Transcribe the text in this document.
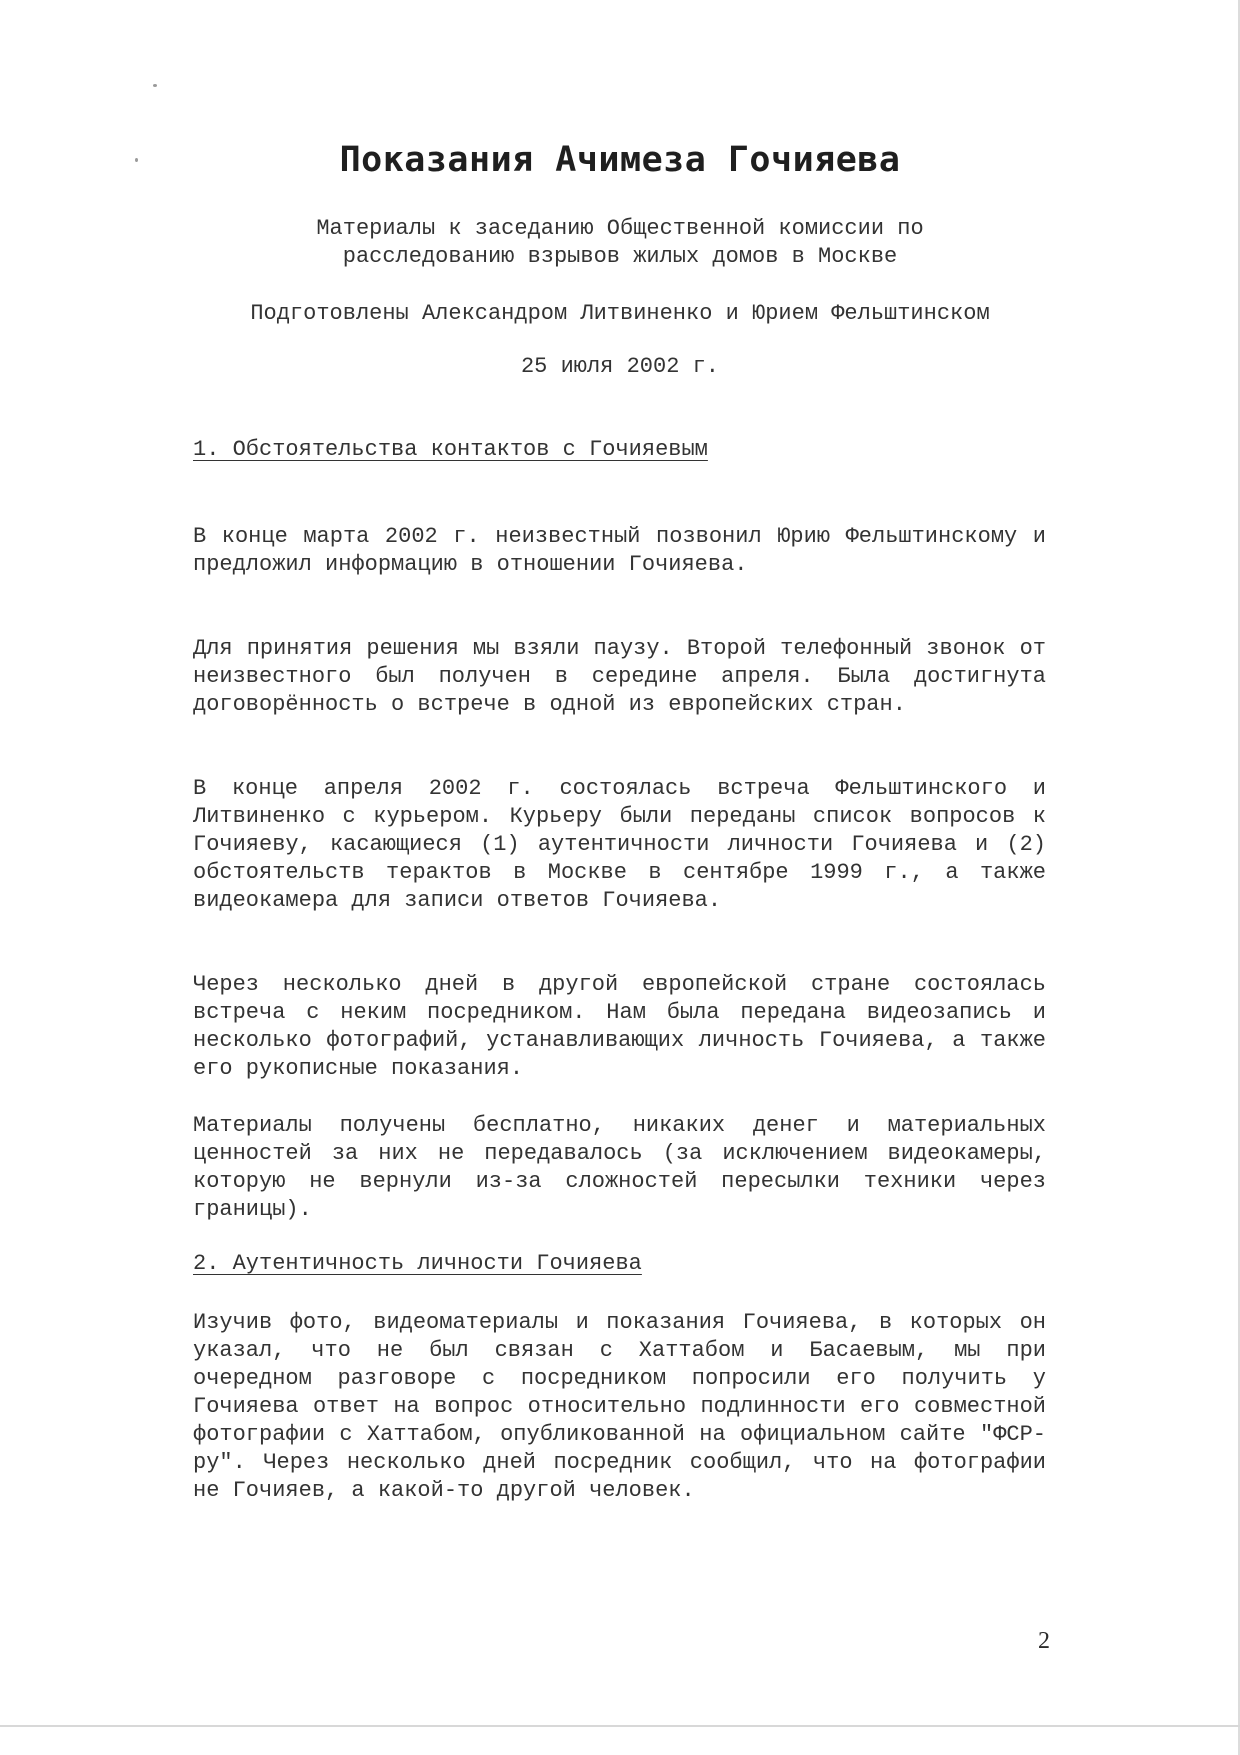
Показания Ачимеза Гочияева
Материалы к заседанию Общественной комиссии по
расследованию взрывов жилых домов в Москве
Подготовлены Александром Литвиненко и Юрием Фельштинском
25 июля 2002 г.
1. Обстоятельства контактов с Гочияевым

В конце марта 2002 г. неизвестный позвонил Юрию Фельштинскому и предложил информацию в отношении Гочияева.

Для принятия решения мы взяли паузу. Второй телефонный звонок от неизвестного был получен в середине апреля. Была достигнута договорённость о встрече в одной из европейских стран.

В конце апреля 2002 г. состоялась встреча Фельштинского и Литвиненко с курьером. Курьеру были переданы список вопросов к Гочияеву, касающиеся (1) аутентичности личности Гочияева и (2) обстоятельств терактов в Москве в сентябре 1999 г., а также видеокамера для записи ответов Гочияева.

Через несколько дней в другой европейской стране состоялась встреча с неким посредником. Нам была передана видеозапись и несколько фотографий, устанавливающих личность Гочияева, а также его рукописные показания.

Материалы получены бесплатно, никаких денег и материальных ценностей за них не передавалось (за исключением видеокамеры, которую не вернули из-за сложностей пересылки техники через границы).

2. Аутентичность личности Гочияева

Изучив фото, видеоматериалы и показания Гочияева, в которых он указал, что не был связан с Хаттабом и Басаевым, мы при очередном разговоре с посредником попросили его получить у Гочияева ответ на вопрос относительно подлинности его совместной фотографии с Хаттабом, опубликованной на официальном сайте "ФСР-ру". Через несколько дней посредник сообщил, что на фотографии не Гочияев, а какой-то другой человек.

2
